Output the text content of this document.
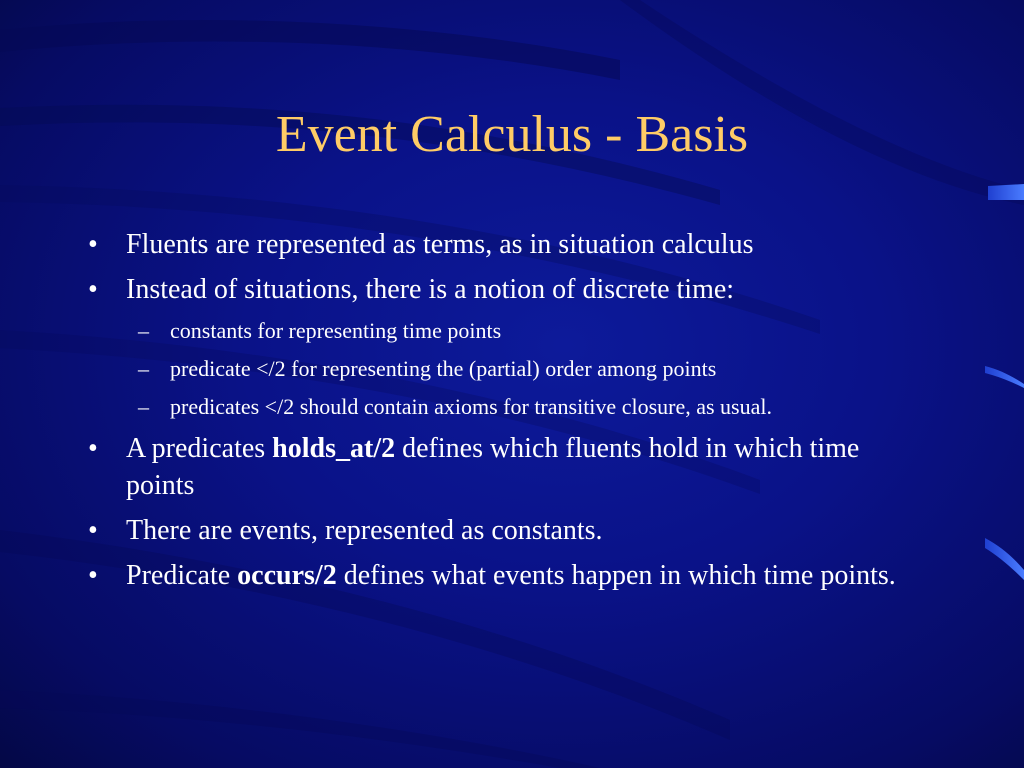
Event Calculus - Basis
• Fluents are represented as terms, as in situation calculus
• Instead of situations, there is a notion of discrete time:
– constants for representing time points
– predicate </2 for representing the (partial) order among points
– predicates </2 should contain axioms for transitive closure, as usual.
• A predicates holds_at/2 defines which fluents hold in which time points
• There are events, represented as constants.
• Predicate occurs/2 defines what events happen in which time points.
